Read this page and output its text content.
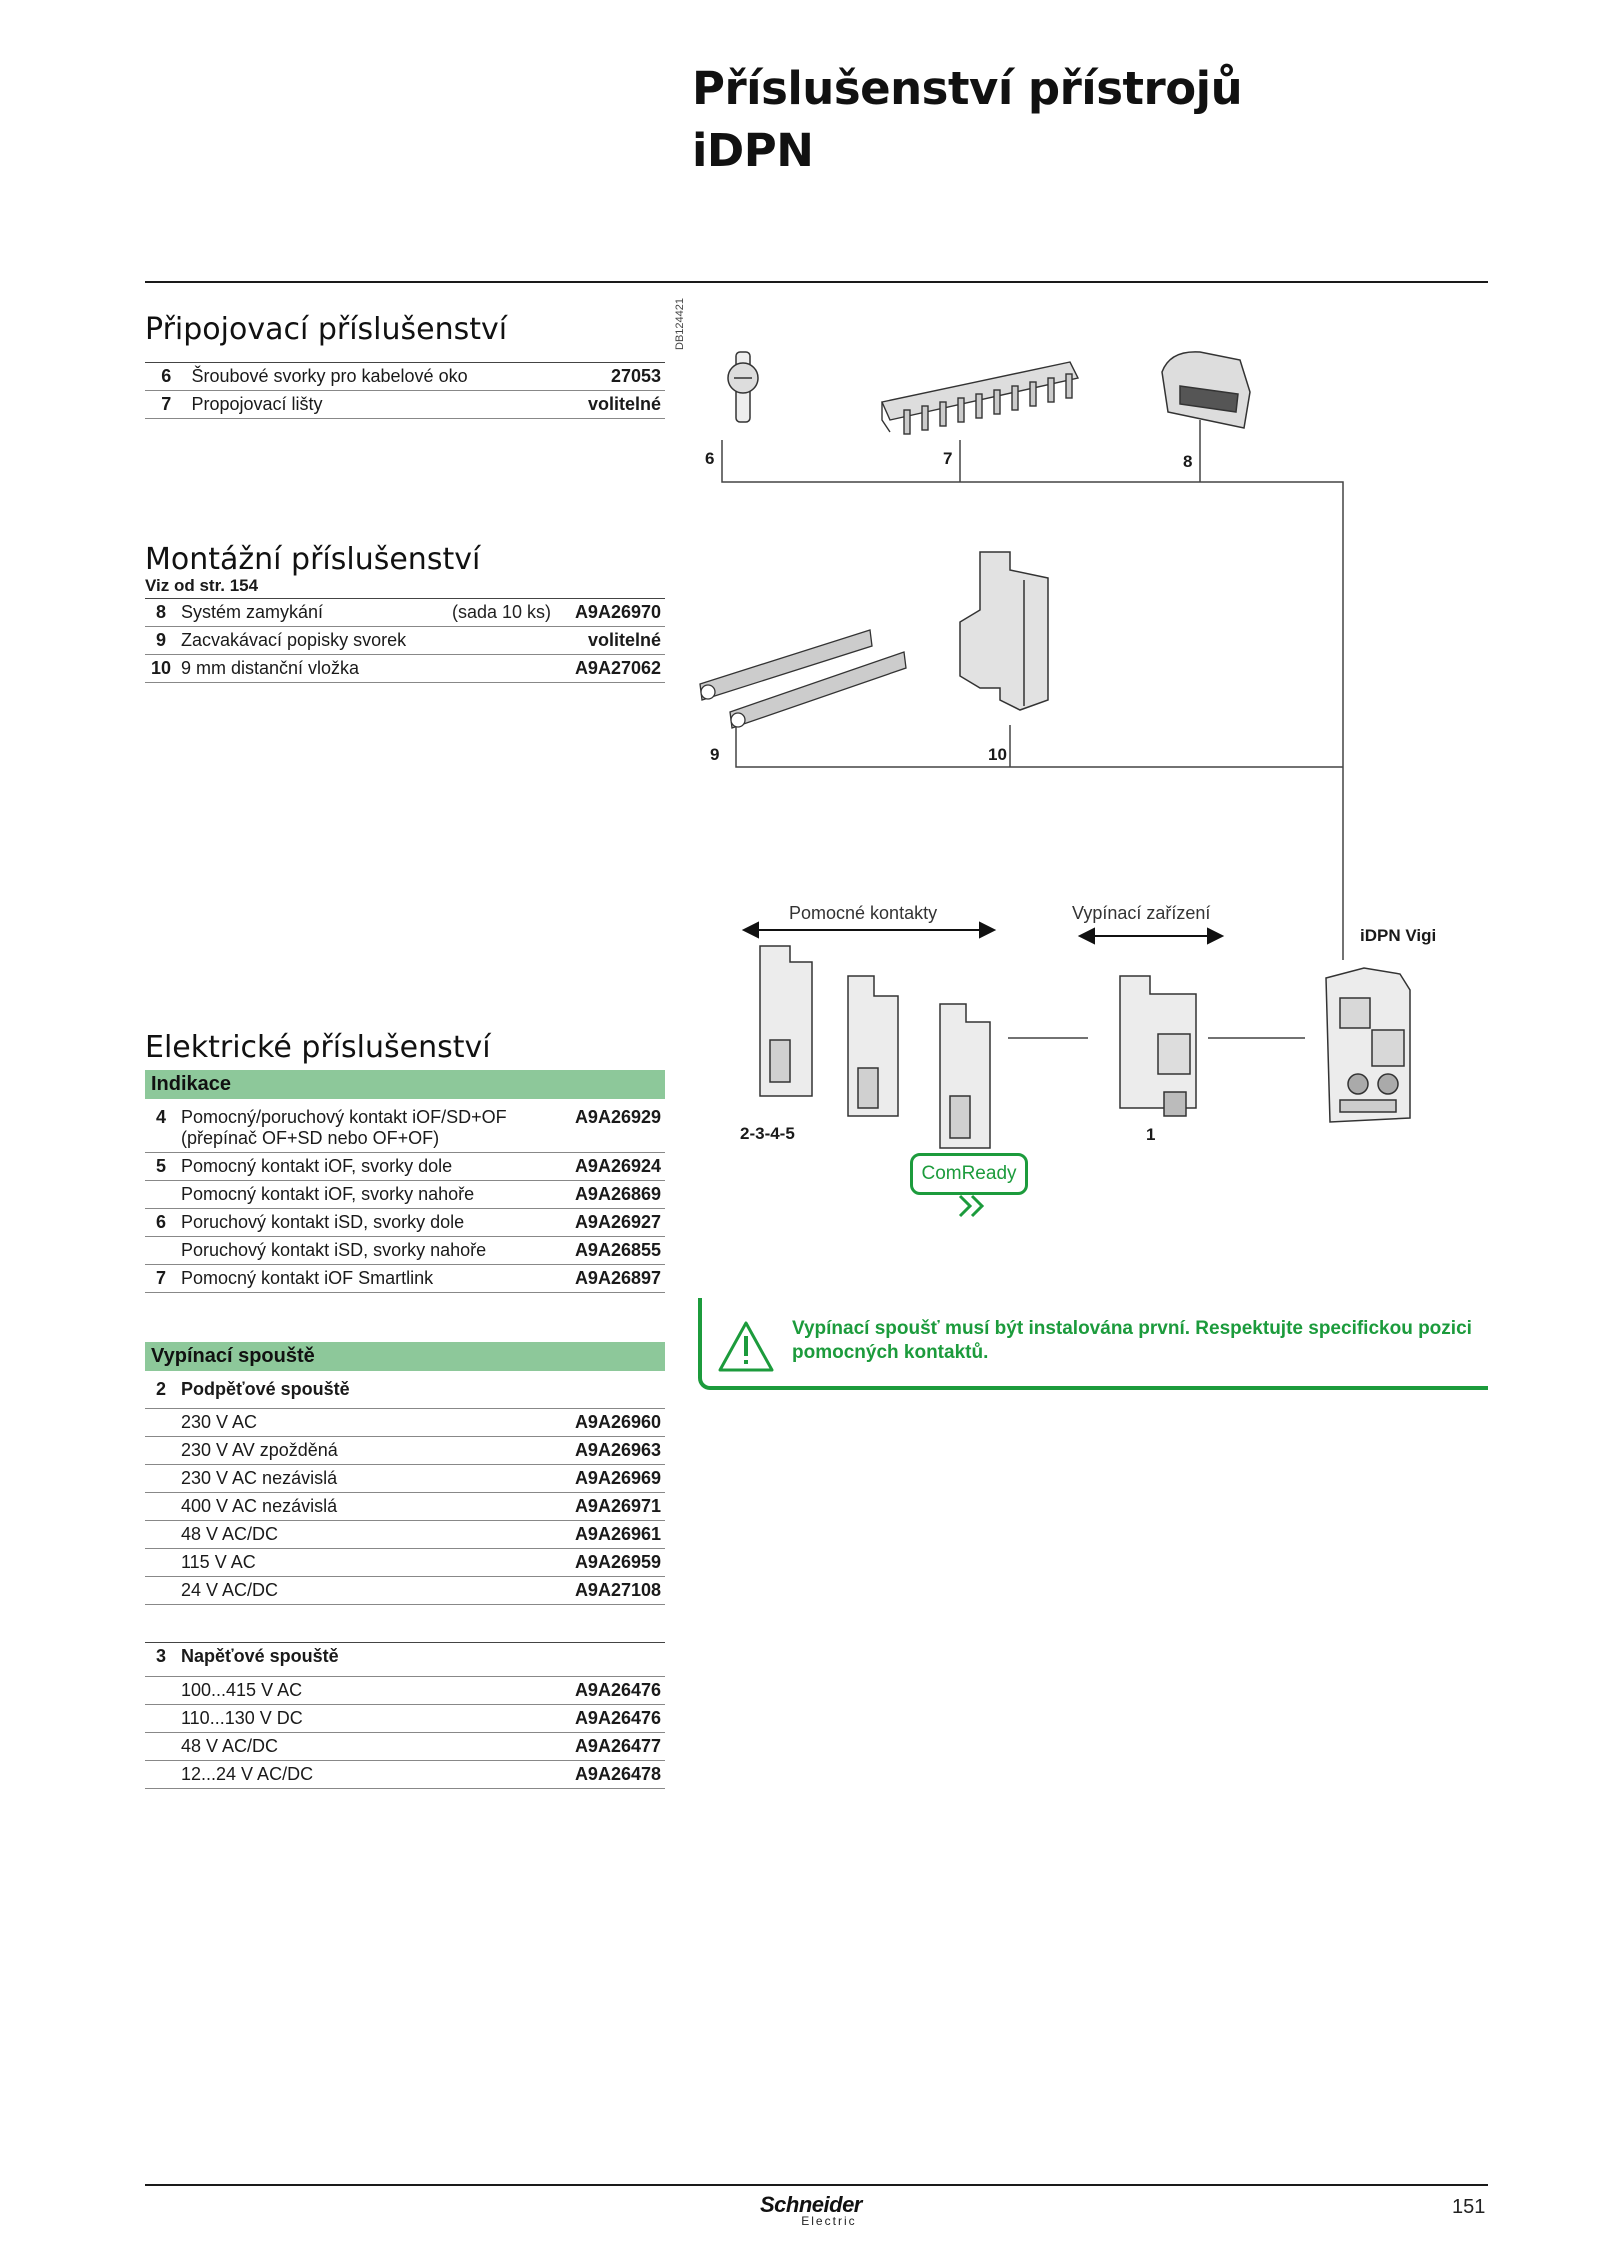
Příslušenství přístrojů
iDPN
Připojovací příslušenství
6	Šroubové svorky pro kabelové oko	27053
7	Propojovací lišty	volitelné
Montážní příslušenství
Viz od str. 154
8	Systém zamykání	(sada 10 ks)	A9A26970
9	Zacvakávací popisky svorek		volitelné
10	9 mm distanční vložka		A9A27062
Elektrické příslušenství
Indikace
4	Pomocný/poruchový kontakt iOF/SD+OF (přepínač OF+SD nebo OF+OF)	A9A26929
5	Pomocný kontakt iOF, svorky dole	A9A26924
	Pomocný kontakt iOF, svorky nahoře	A9A26869
6	Poruchový kontakt iSD, svorky dole	A9A26927
	Poruchový kontakt iSD, svorky nahoře	A9A26855
7	Pomocný kontakt iOF Smartlink	A9A26897
Vypínací spouště
2	Podpěťové spouště	
	230 V AC	A9A26960
	230 V AV zpožděná	A9A26963
	230 V AC nezávislá	A9A26969
	400 V AC nezávislá	A9A26971
	48 V AC/DC	A9A26961
	115 V AC	A9A26959
	24 V AC/DC	A9A27108
3	Napěťové spouště	
	100...415 V AC	A9A26476
	110...130 V DC	A9A26476
	48 V AC/DC	A9A26477
	12...24 V AC/DC	A9A26478
DB124421
6	7	8
9	10
Pomocné kontakty	Vypínací zařízení
iDPN Vigi
2-3-4-5	1
ComReady
Vypínací spoušť musí být instalována první. Respektujte specifickou pozici pomocných kontaktů.
Schneider
Electric
151
